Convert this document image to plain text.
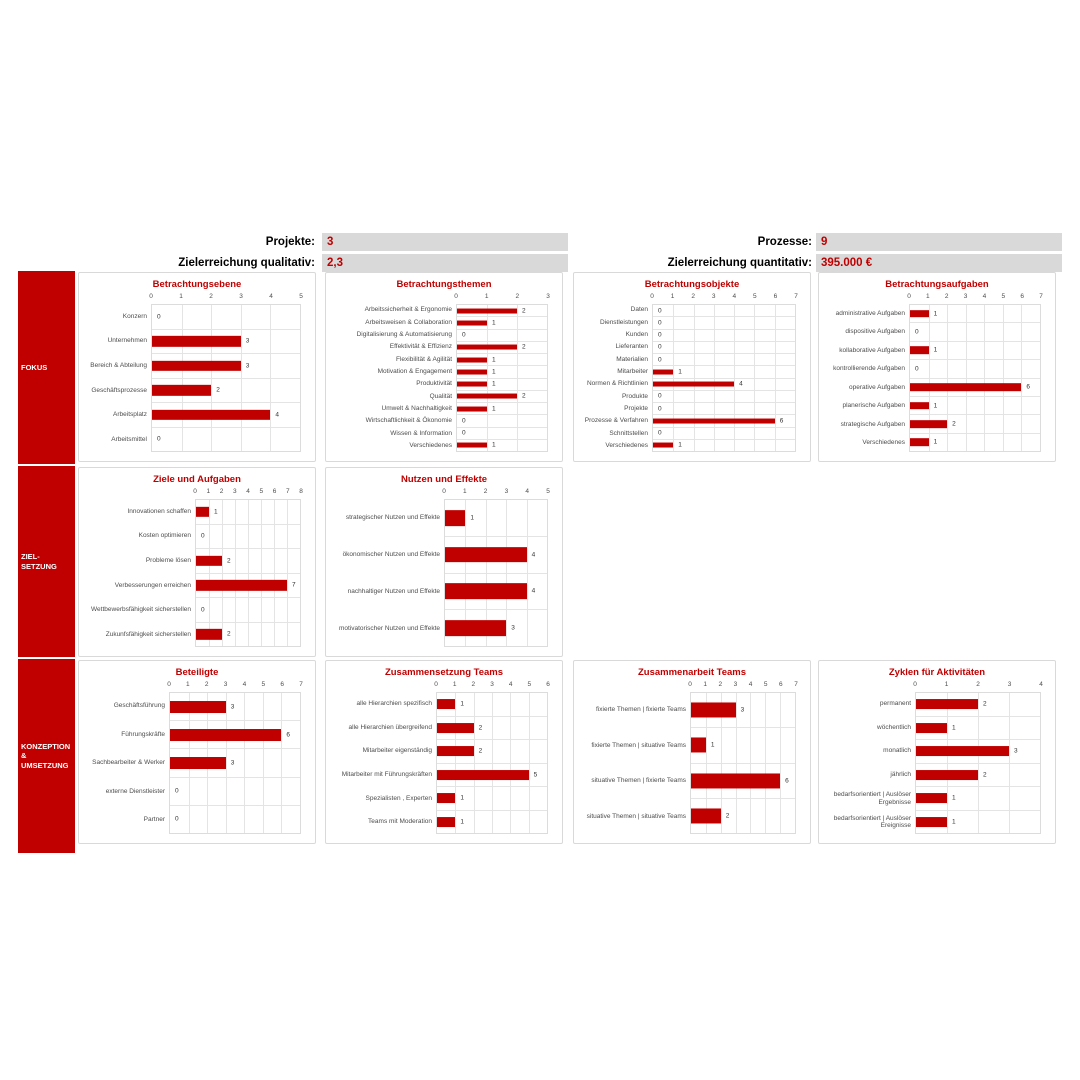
Projekte: 3
Zielerreichung qualitativ: 2,3
Prozesse: 9
Zielerreichung quantitativ: 395.000 €
FOKUS
ZIEL-SETZUNG
KONZEPTION & UMSETZUNG
Betrachtungsebene
Konzern
Unternehmen
Bereich & Abteilung
Geschäftsprozesse
Arbeitsplatz
Arbeitsmittel
0	1	2	3	4	5
0
3
3
2
4
0
Betrachtungsthemen
Arbeitssicherheit & Ergonomie
Arbeitsweisen & Collaboration
Digitalisierung & Automatisierung
Effektivität & Effizienz
Flexibilität & Agilität
Motivation & Engagement
Produktivität
Qualität
Umwelt & Nachhaltigkeit
Wirtschaftlichkeit & Ökonomie
Wissen & Information
Verschiedenes
0	1	2	3
2
1
0
2
1
1
1
2
1
0
0
1
Betrachtungsobjekte
Daten
Dienstleistungen
Kunden
Lieferanten
Materialien
Mitarbeiter
Normen & Richtlinien
Produkte
Projekte
Prozesse & Verfahren
Schnittstellen
Verschiedenes
0	1	2	3	4	5	6	7
0
0
0
0
0
1
4
0
0
6
0
1
Betrachtungsaufgaben
administrative Aufgaben
dispositive Aufgaben
kollaborative Aufgaben
kontrollierende Aufgaben
operative Aufgaben
planerische Aufgaben
strategische Aufgaben
Verschiedenes
0 1 2 3 4 5 6 7
1
0
1
0
6
1
2
1
Ziele und Aufgaben
Innovationen schaffen
Kosten optimieren
Probleme lösen
Verbesserungen erreichen
Wettbewerbsfähigkeit sicherstellen
Zukunfsfähigkeit sicherstellen
0 1 2 3 4 5 6 7 8
1
0
2
7
0
2
Nutzen und Effekte
strategischer Nutzen und Effekte
ökonomischer Nutzen und Effekte
nachhaltiger Nutzen und Effekte
motivatorischer Nutzen und Effekte
0	1	2	3	4	5
1
4
4
3
Beteiligte
Geschäftsführung
Führungskräfte
Sachbearbeiter & Werker
externe Dienstleister
Partner
0 1 2 3 4 5 6 7
3
6
3
0
0
Zusammensetzung Teams
alle Hierarchien spezifisch
alle Hierarchien übergreifend
Mitarbeiter eigenständig
Mitarbeiter mit Führungskräften
Spezialisten , Experten
Teams mit Moderation
0 1 2 3 4 5 6
1
2
2
5
1
1
Zusammenarbeit Teams
fixierte Themen | fixierte Teams
fixierte Themen | situative Teams
situative Themen | fixierte Teams
situative Themen | situative Teams
0 1 2 3 4 5 6 7
3
1
6
2
Zyklen für Aktivitäten
permanent
wöchentlich
monatlich
jährlich
bedarfsorientiert | Auslöser Ergebnisse
bedarfsorientiert | Auslöser Ereignisse
0	1	2	3	4
2
1
3
2
1
1
